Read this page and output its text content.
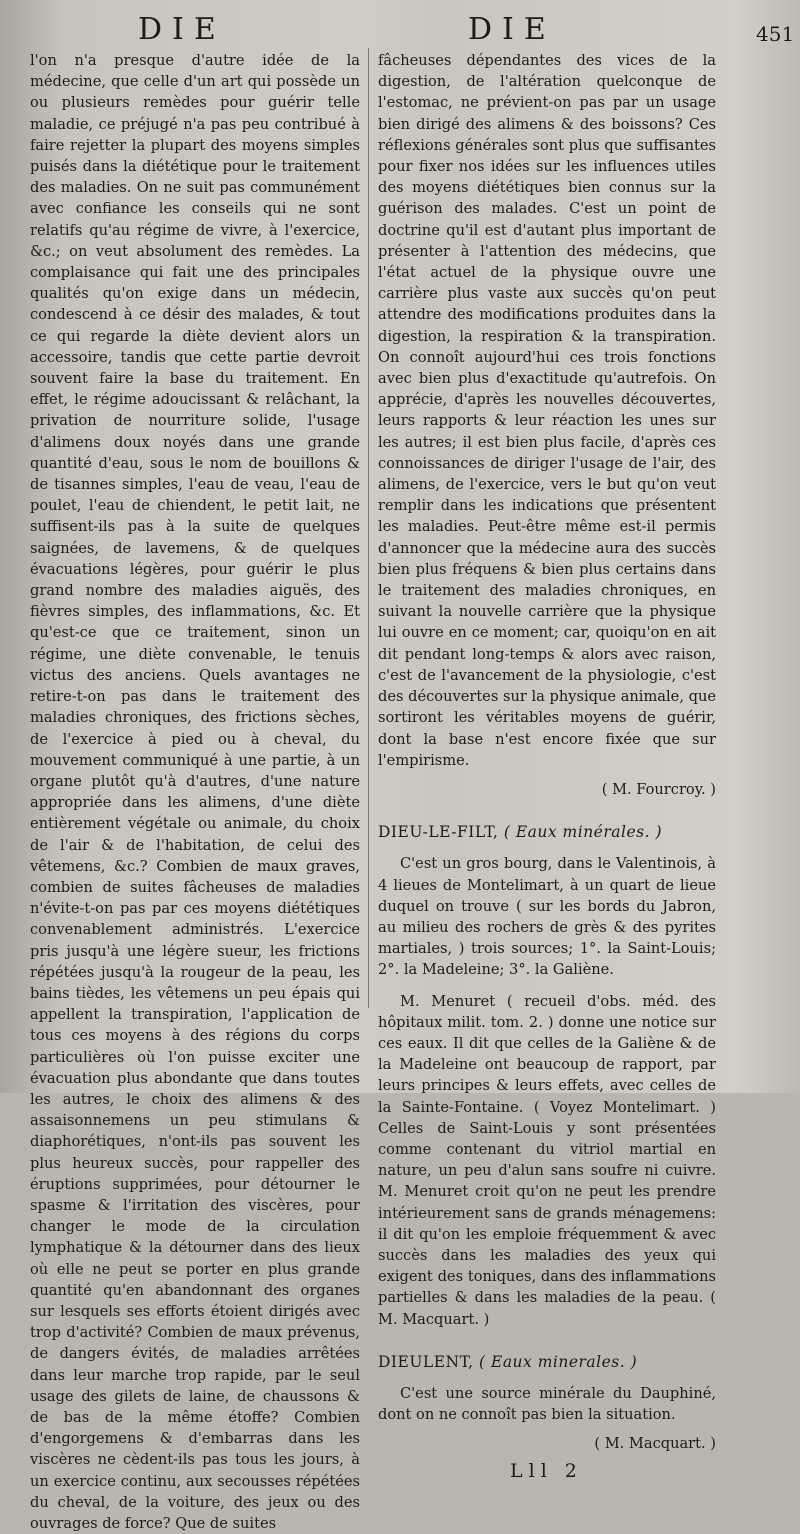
DIE	DIE	451

l'on n'a presque d'autre idée de la médecine, que celle d'un art qui possède un ou plusieurs remèdes pour guérir telle maladie, ce préjugé n'a pas peu contribué à faire rejetter la plupart des moyens simples puisés dans la diététique pour le traitement des maladies. On ne suit pas communément avec confiance les conseils qui ne sont relatifs qu'au régime de vivre, à l'exercice, &c.; on veut absolument des remèdes. La complaisance qui fait une des principales qualités qu'on exige dans un médecin, condescend à ce désir des malades, & tout ce qui regarde la diète devient alors un accessoire, tandis que cette partie devroit souvent faire la base du traitement. En effet, le régime adoucissant & relâchant, la privation de nourriture solide, l'usage d'alimens doux noyés dans une grande quantité d'eau, sous le nom de bouillons & de tisannes simples, l'eau de veau, l'eau de poulet, l'eau de chiendent, le petit lait, ne suffisent-ils pas à la suite de quelques saignées, de lavemens, & de quelques évacuations légères, pour guérir le plus grand nombre des maladies aiguës, des fièvres simples, des inflammations, &c. Et qu'est-ce que ce traitement, sinon un régime, une diète convenable, le tenuis victus des anciens. Quels avantages ne retire-t-on pas dans le traitement des maladies chroniques, des frictions sèches, de l'exercice à pied ou à cheval, du mouvement communiqué à une partie, à un organe plutôt qu'à d'autres, d'une nature appropriée dans les alimens, d'une diète entièrement végétale ou animale, du choix de l'air & de l'habitation, de celui des vêtemens, &c.? Combien de maux graves, combien de suites fâcheuses de maladies n'évite-t-on pas par ces moyens diététiques convenablement administrés. L'exercice pris jusqu'à une légère sueur, les frictions répétées jusqu'à la rougeur de la peau, les bains tièdes, les vêtemens un peu épais qui appellent la transpiration, l'application de tous ces moyens à des régions du corps particulières où l'on puisse exciter une évacuation plus abondante que dans toutes les autres, le choix des alimens & des assaisonnemens un peu stimulans & diaphorétiques, n'ont-ils pas souvent les plus heureux succès, pour rappeller des éruptions supprimées, pour détourner le spasme & l'irritation des viscères, pour changer le mode de la circulation lymphatique & la détourner dans des lieux où elle ne peut se porter en plus grande quantité qu'en abandonnant des organes sur lesquels ses efforts étoient dirigés avec trop d'activité? Combien de maux prévenus, de dangers évités, de maladies arrêtées dans leur marche trop rapide, par le seul usage des gilets de laine, de chaussons & de bas de la même étoffe? Combien d'engorgemens & d'embarras dans les viscères ne cèdent-ils pas tous les jours, à un exercice continu, aux secousses répétées du cheval, de la voiture, des jeux ou des ouvrages de force? Que de suites

fâcheuses dépendantes des vices de la digestion, de l'altération quelconque de l'estomac, ne prévient-on pas par un usage bien dirigé des alimens & des boissons? Ces réflexions générales sont plus que suffisantes pour fixer nos idées sur les influences utiles des moyens diététiques bien connus sur la guérison des malades. C'est un point de doctrine qu'il est d'autant plus important de présenter à l'attention des médecins, que l'état actuel de la physique ouvre une carrière plus vaste aux succès qu'on peut attendre des modifications produites dans la digestion, la respiration & la transpiration. On connoît aujourd'hui ces trois fonctions avec bien plus d'exactitude qu'autrefois. On apprécie, d'après les nouvelles découvertes, leurs rapports & leur réaction les unes sur les autres; il est bien plus facile, d'après ces connoissances de diriger l'usage de l'air, des alimens, de l'exercice, vers le but qu'on veut remplir dans les indications que présentent les maladies. Peut-être même est-il permis d'annoncer que la médecine aura des succès bien plus fréquens & bien plus certains dans le traitement des maladies chroniques, en suivant la nouvelle carrière que la physique lui ouvre en ce moment; car, quoiqu'on en ait dit pendant long-temps & alors avec raison, c'est de l'avancement de la physiologie, c'est des découvertes sur la physique animale, que sortiront les véritables moyens de guérir, dont la base n'est encore fixée que sur l'empirisme.

( M. Fourcroy. )
DIEU-LE-FILT, ( Eaux minérales. )

C'est un gros bourg, dans le Valentinois, à 4 lieues de Montelimart, à un quart de lieue duquel on trouve ( sur les bords du Jabron, au milieu des rochers de grès & des pyrites martiales, ) trois sources; 1°. la Saint-Louis; 2°. la Madeleine; 3°. la Galiène.

M. Menuret ( recueil d'obs. méd. des hôpitaux milit. tom. 2. ) donne une notice sur ces eaux. Il dit que celles de la Galiène & de la Madeleine ont beaucoup de rapport, par leurs principes & leurs effets, avec celles de la Sainte-Fontaine. ( Voyez Montelimart. ) Celles de Saint-Louis y sont présentées comme contenant du vitriol martial en nature, un peu d'alun sans soufre ni cuivre. M. Menuret croit qu'on ne peut les prendre intérieurement sans de grands ménagemens: il dit qu'on les emploie fréquemment & avec succès dans les maladies des yeux qui exigent des toniques, dans des inflammations partielles & dans les maladies de la peau. ( M. Macquart. )

DIEULENT, ( Eaux minerales. )

C'est une source minérale du Dauphiné, dont on ne connoît pas bien la situation.

( M. Macquart. )
Lll 2
